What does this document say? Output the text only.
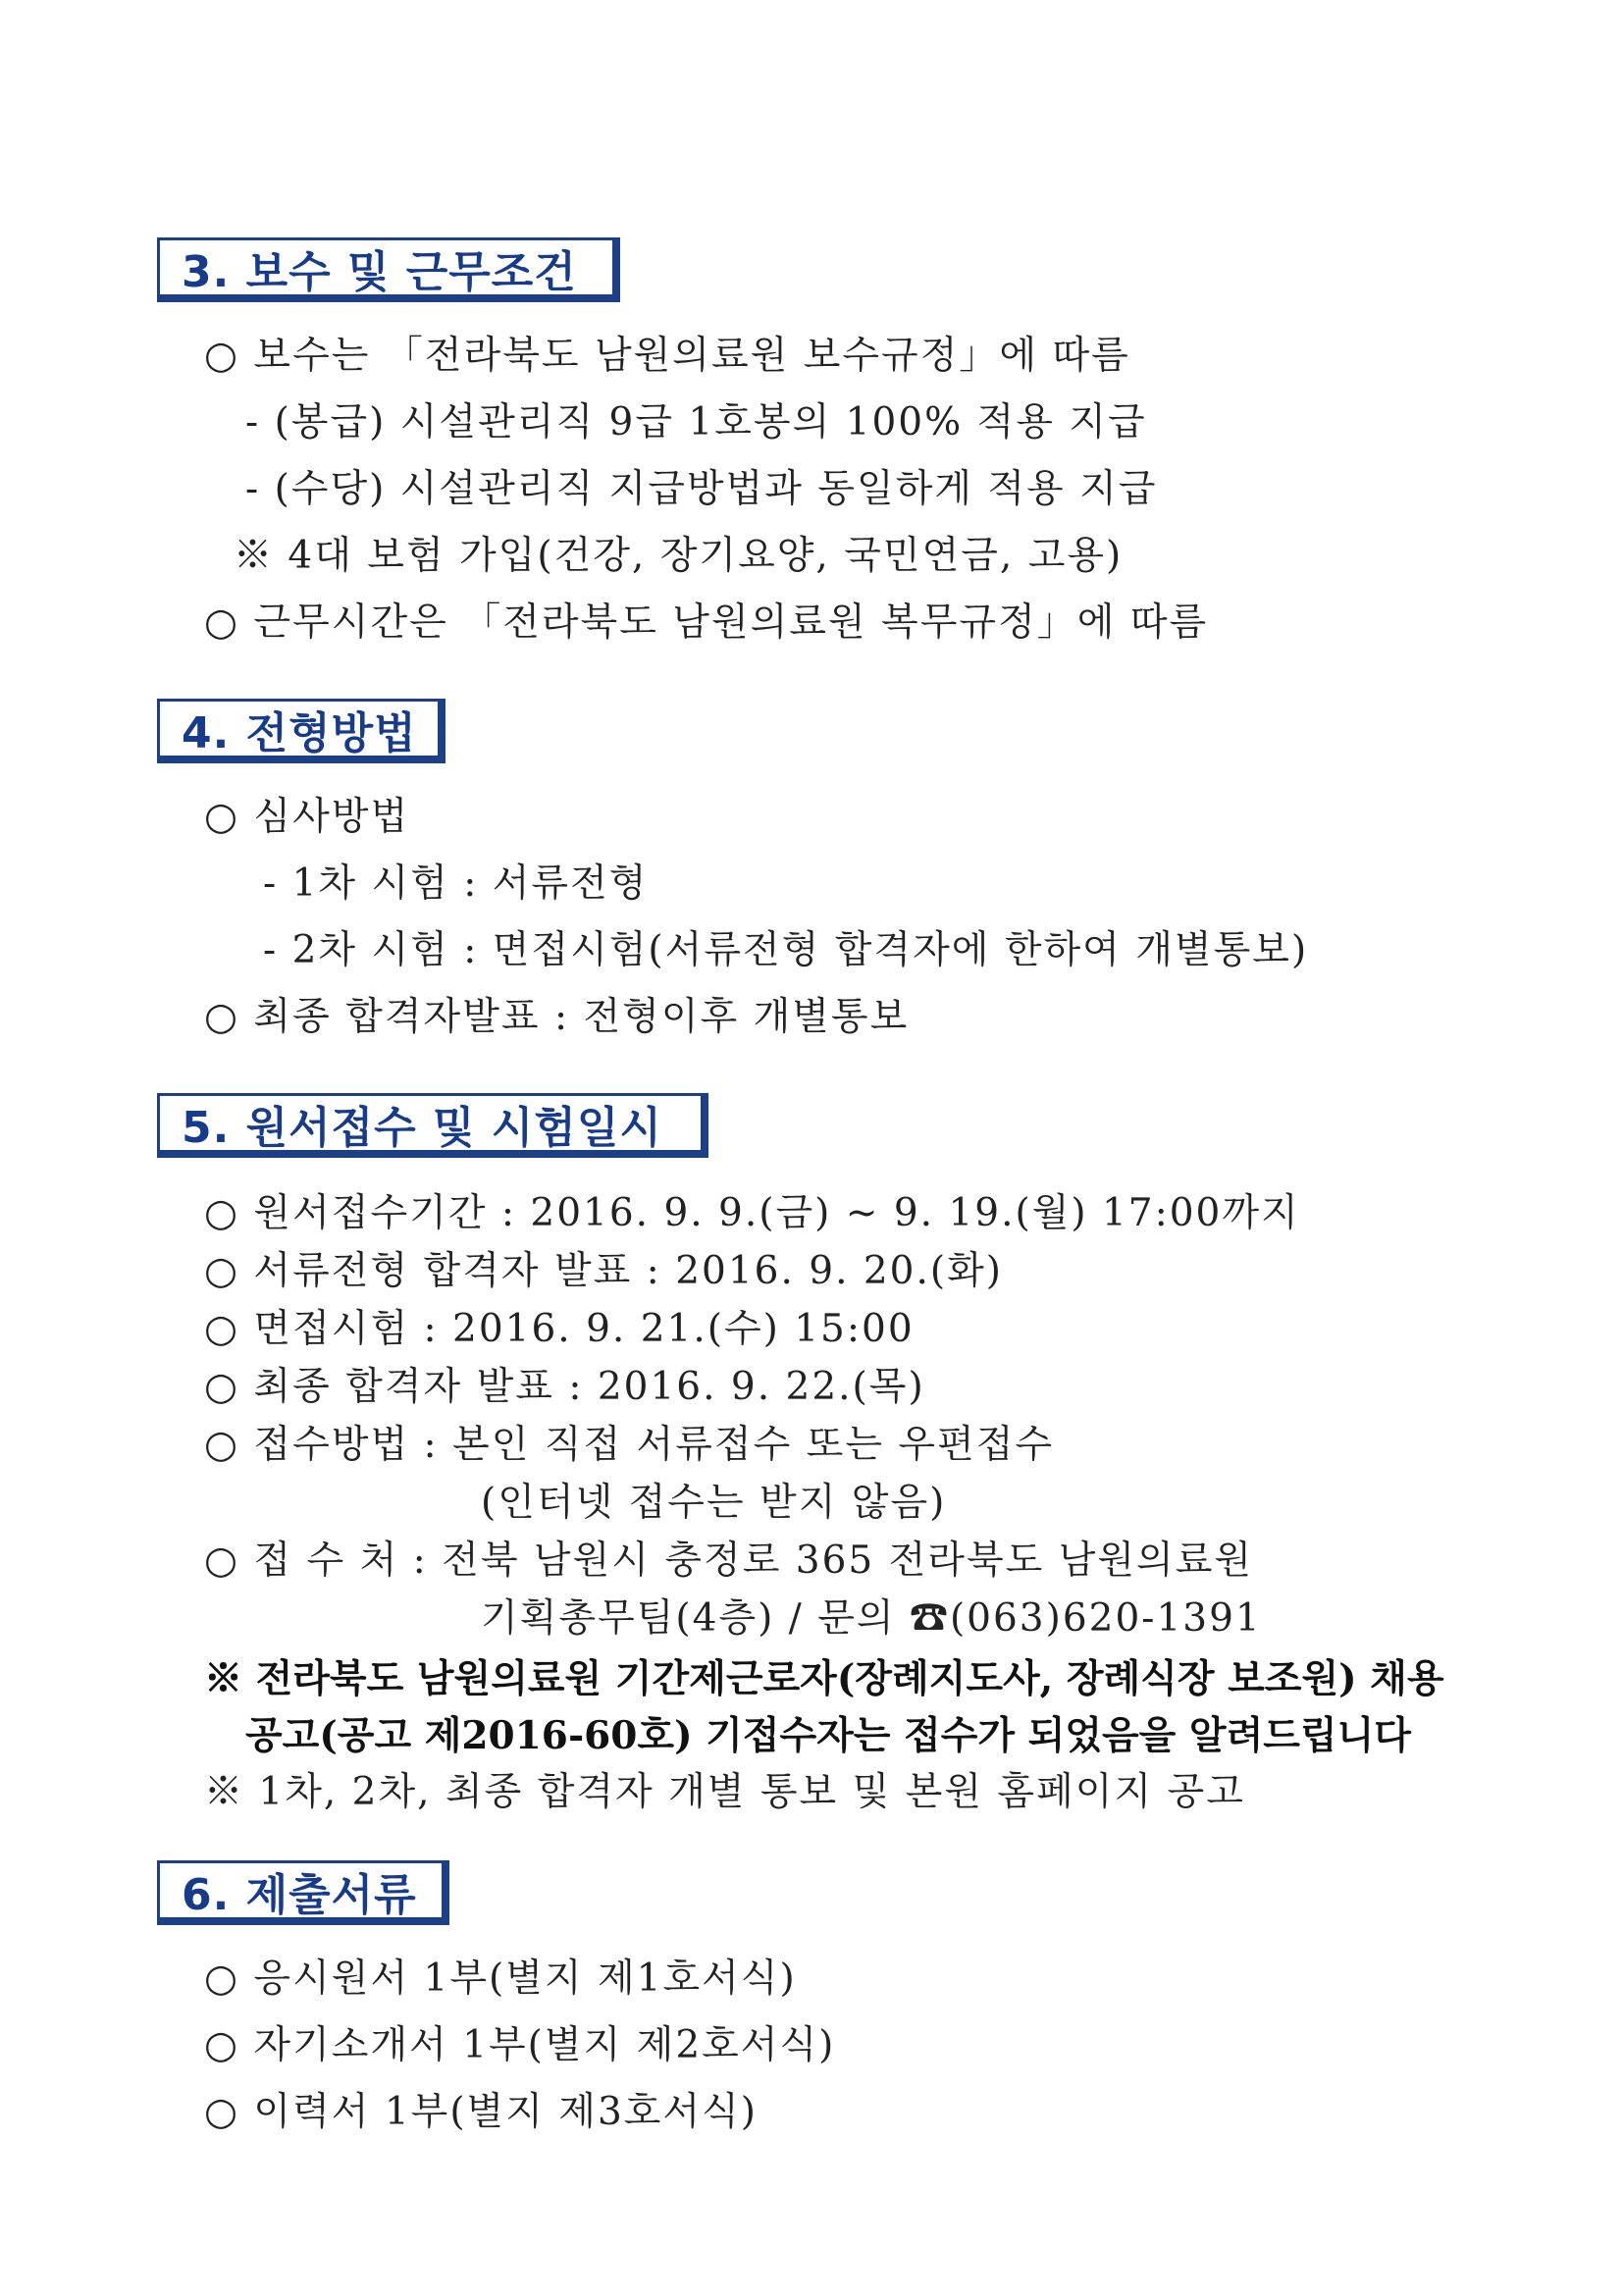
3. 보수 및 근무조건
○ 보수는 「전라북도 남원의료원 보수규정」에 따름
- (봉급) 시설관리직 9급 1호봉의 100% 적용 지급
- (수당) 시설관리직 지급방법과 동일하게 적용 지급
※ 4대 보험 가입(건강, 장기요양, 국민연금, 고용)
○ 근무시간은 「전라북도 남원의료원 복무규정」에 따름
4. 전형방법
○ 심사방법
- 1차 시험 : 서류전형
- 2차 시험 : 면접시험(서류전형 합격자에 한하여 개별통보)
○ 최종 합격자발표 : 전형이후 개별통보
5. 원서접수 및 시험일시
○ 원서접수기간 : 2016. 9. 9.(금) ~ 9. 19.(월) 17:00까지
○ 서류전형 합격자 발표 : 2016. 9. 20.(화)
○ 면접시험 : 2016. 9. 21.(수) 15:00
○ 최종 합격자 발표 : 2016. 9. 22.(목)
○ 접수방법 : 본인 직접 서류접수 또는 우편접수
(인터넷 접수는 받지 않음)
○ 접 수 처 : 전북 남원시 충정로 365 전라북도 남원의료원
기획총무팀(4층) / 문의 ☎(063)620-1391
※ 전라북도 남원의료원 기간제근로자(장례지도사, 장례식장 보조원) 채용
공고(공고 제2016-60호) 기접수자는 접수가 되었음을 알려드립니다
※ 1차, 2차, 최종 합격자 개별 통보 및 본원 홈페이지 공고
6. 제출서류
○ 응시원서 1부(별지 제1호서식)
○ 자기소개서 1부(별지 제2호서식)
○ 이력서 1부(별지 제3호서식)
